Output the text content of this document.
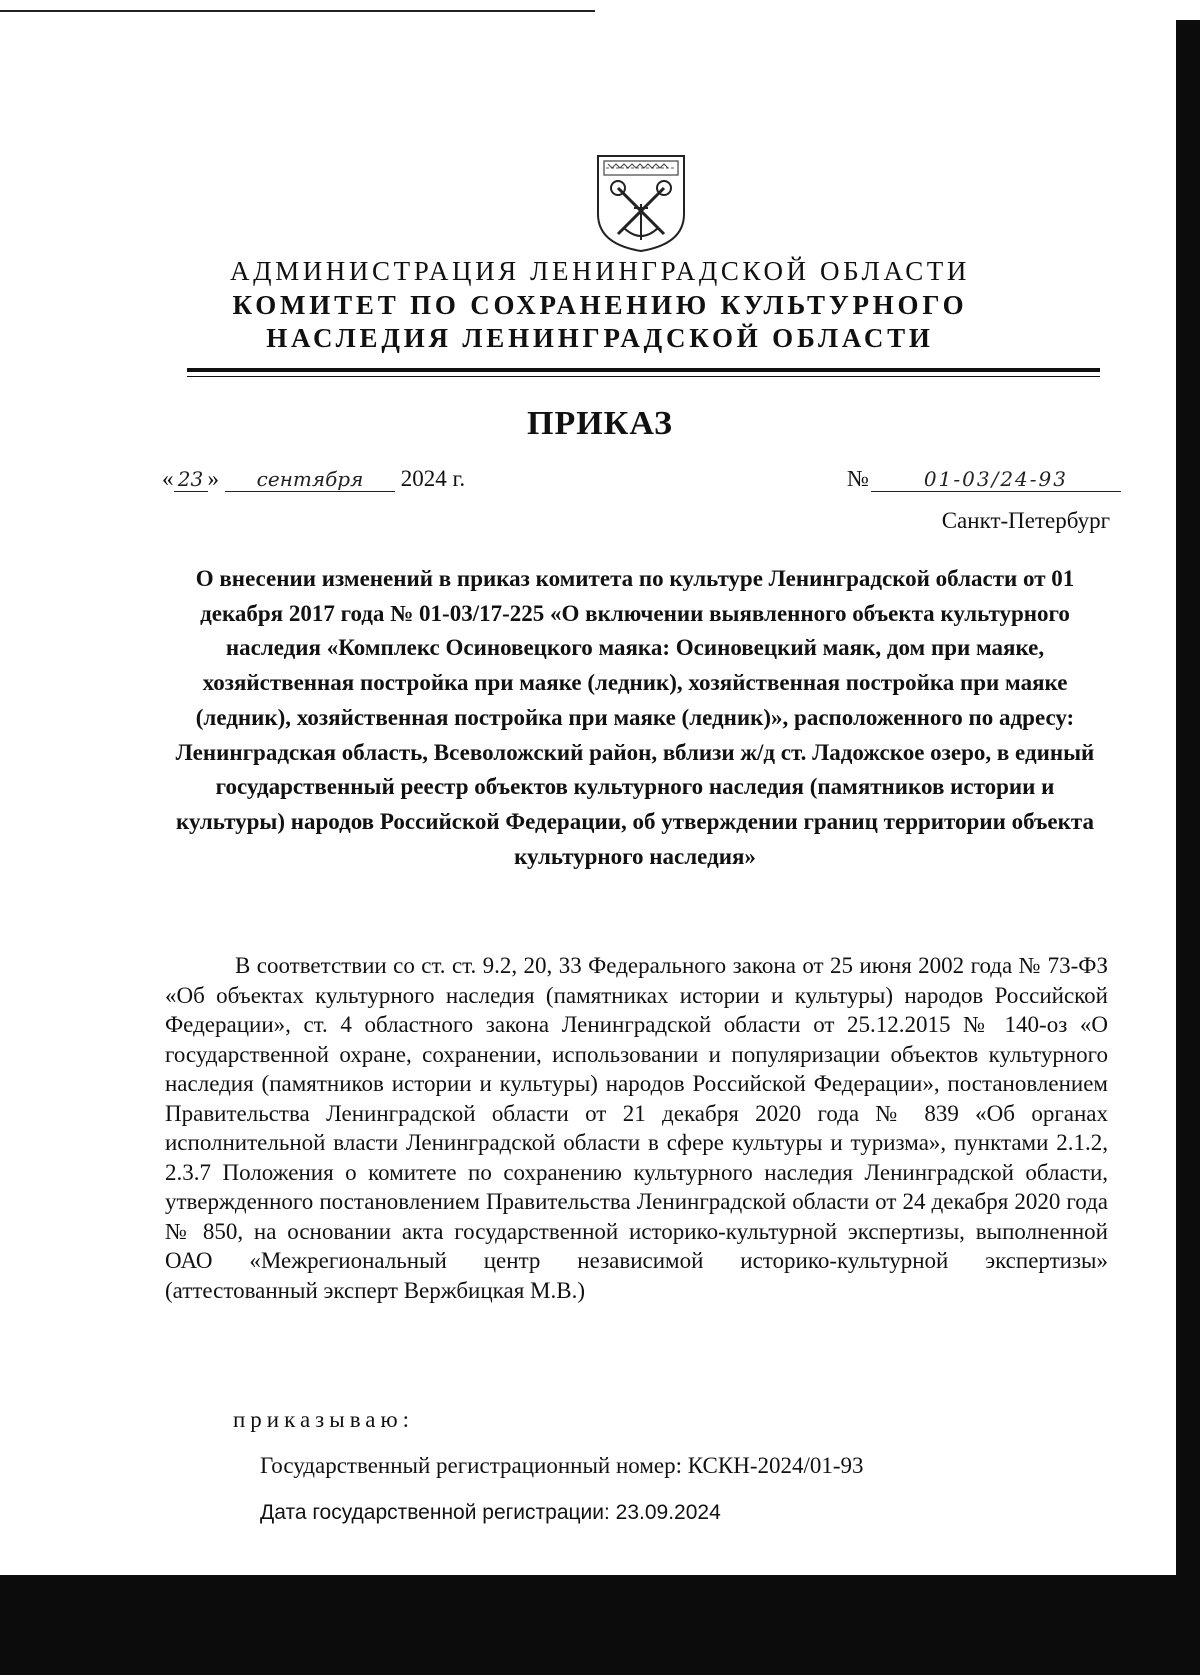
АДМИНИСТРАЦИЯ ЛЕНИНГРАДСКОЙ ОБЛАСТИ
КОМИТЕТ ПО СОХРАНЕНИЮ КУЛЬТУРНОГО
НАСЛЕДИЯ ЛЕНИНГРАДСКОЙ ОБЛАСТИ
ПРИКАЗ
« 23 » сентября 2024 г.	№	01-03/24-93
Санкт-Петербург
О внесении изменений в приказ комитета по культуре Ленинградской области от 01 декабря 2017 года № 01-03/17-225 «О включении выявленного объекта культурного наследия «Комплекс Осиновецкого маяка: Осиновецкий маяк, дом при маяке, хозяйственная постройка при маяке (ледник), хозяйственная постройка при маяке (ледник), хозяйственная постройка при маяке (ледник)», расположенного по адресу: Ленинградская область, Всеволожский район, вблизи ж/д ст. Ладожское озеро, в единый государственный реестр объектов культурного наследия (памятников истории и культуры) народов Российской Федерации, об утверждении границ территории объекта культурного наследия»
В соответствии со ст. ст. 9.2, 20, 33 Федерального закона от 25 июня 2002 года № 73-ФЗ «Об объектах культурного наследия (памятниках истории и культуры) народов Российской Федерации», ст. 4 областного закона Ленинградской области от 25.12.2015 № 140-оз «О государственной охране, сохранении, использовании и популяризации объектов культурного наследия (памятников истории и культуры) народов Российской Федерации», постановлением Правительства Ленинградской области от 21 декабря 2020 года № 839 «Об органах исполнительной власти Ленинградской области в сфере культуры и туризма», пунктами 2.1.2, 2.3.7 Положения о комитете по сохранению культурного наследия Ленинградской области, утвержденного постановлением Правительства Ленинградской области от 24 декабря 2020 года № 850, на основании акта государственной историко-культурной экспертизы, выполненной ОАО «Межрегиональный центр независимой историко-культурной экспертизы» (аттестованный эксперт Вержбицкая М.В.)
приказываю:
Государственный регистрационный номер: КСКН-2024/01-93
Дата государственной регистрации: 23.09.2024
